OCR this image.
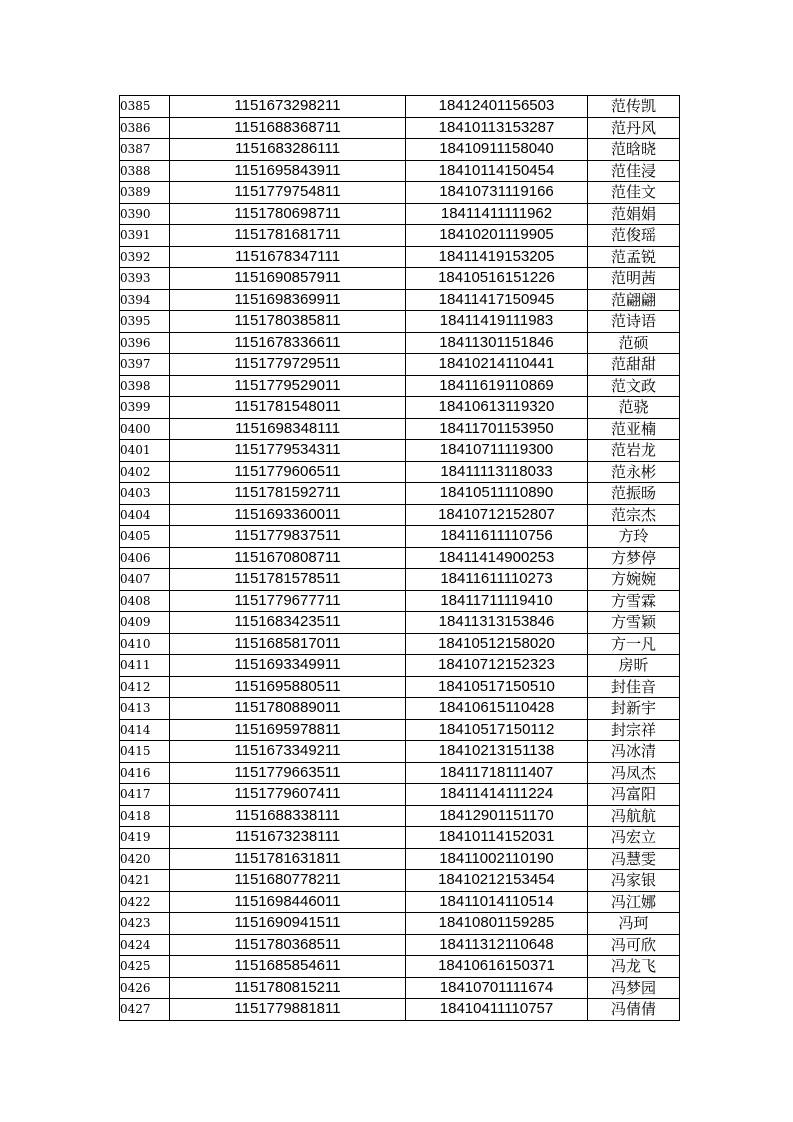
0385	1151673298211	18412401156503	范传凯
0386	1151688368711	18410113153287	范丹风
0387	1151683286111	18410911158040	范晗晓
0388	1151695843911	18410114150454	范佳浸
0389	1151779754811	18410731119166	范佳文
0390	1151780698711	18411411111962	范娟娟
0391	1151781681711	18410201119905	范俊瑶
0392	1151678347111	18411419153205	范孟锐
0393	1151690857911	18410516151226	范明茜
0394	1151698369911	18411417150945	范翩翩
0395	1151780385811	18411419111983	范诗语
0396	1151678336611	18411301151846	范硕
0397	1151779729511	18410214110441	范甜甜
0398	1151779529011	18411619110869	范文政
0399	1151781548011	18410613119320	范骁
0400	1151698348111	18411701153950	范亚楠
0401	1151779534311	18410711119300	范岩龙
0402	1151779606511	18411113118033	范永彬
0403	1151781592711	18410511110890	范振旸
0404	1151693360011	18410712152807	范宗杰
0405	1151779837511	18411611110756	方玲
0406	1151670808711	18411414900253	方梦停
0407	1151781578511	18411611110273	方婉婉
0408	1151779677711	18411711119410	方雪霖
0409	1151683423511	18411313153846	方雪颖
0410	1151685817011	18410512158020	方一凡
0411	1151693349911	18410712152323	房昕
0412	1151695880511	18410517150510	封佳音
0413	1151780889011	18410615110428	封新宇
0414	1151695978811	18410517150112	封宗祥
0415	1151673349211	18410213151138	冯冰清
0416	1151779663511	18411718111407	冯凤杰
0417	1151779607411	18411414111224	冯富阳
0418	1151688338111	18412901151170	冯航航
0419	1151673238111	18410114152031	冯宏立
0420	1151781631811	18411002110190	冯慧雯
0421	1151680778211	18410212153454	冯家银
0422	1151698446011	18411014110514	冯江娜
0423	1151690941511	18410801159285	冯珂
0424	1151780368511	18411312110648	冯可欣
0425	1151685854611	18410616150371	冯龙飞
0426	1151780815211	18410701111674	冯梦园
0427	1151779881811	18410411110757	冯倩倩
